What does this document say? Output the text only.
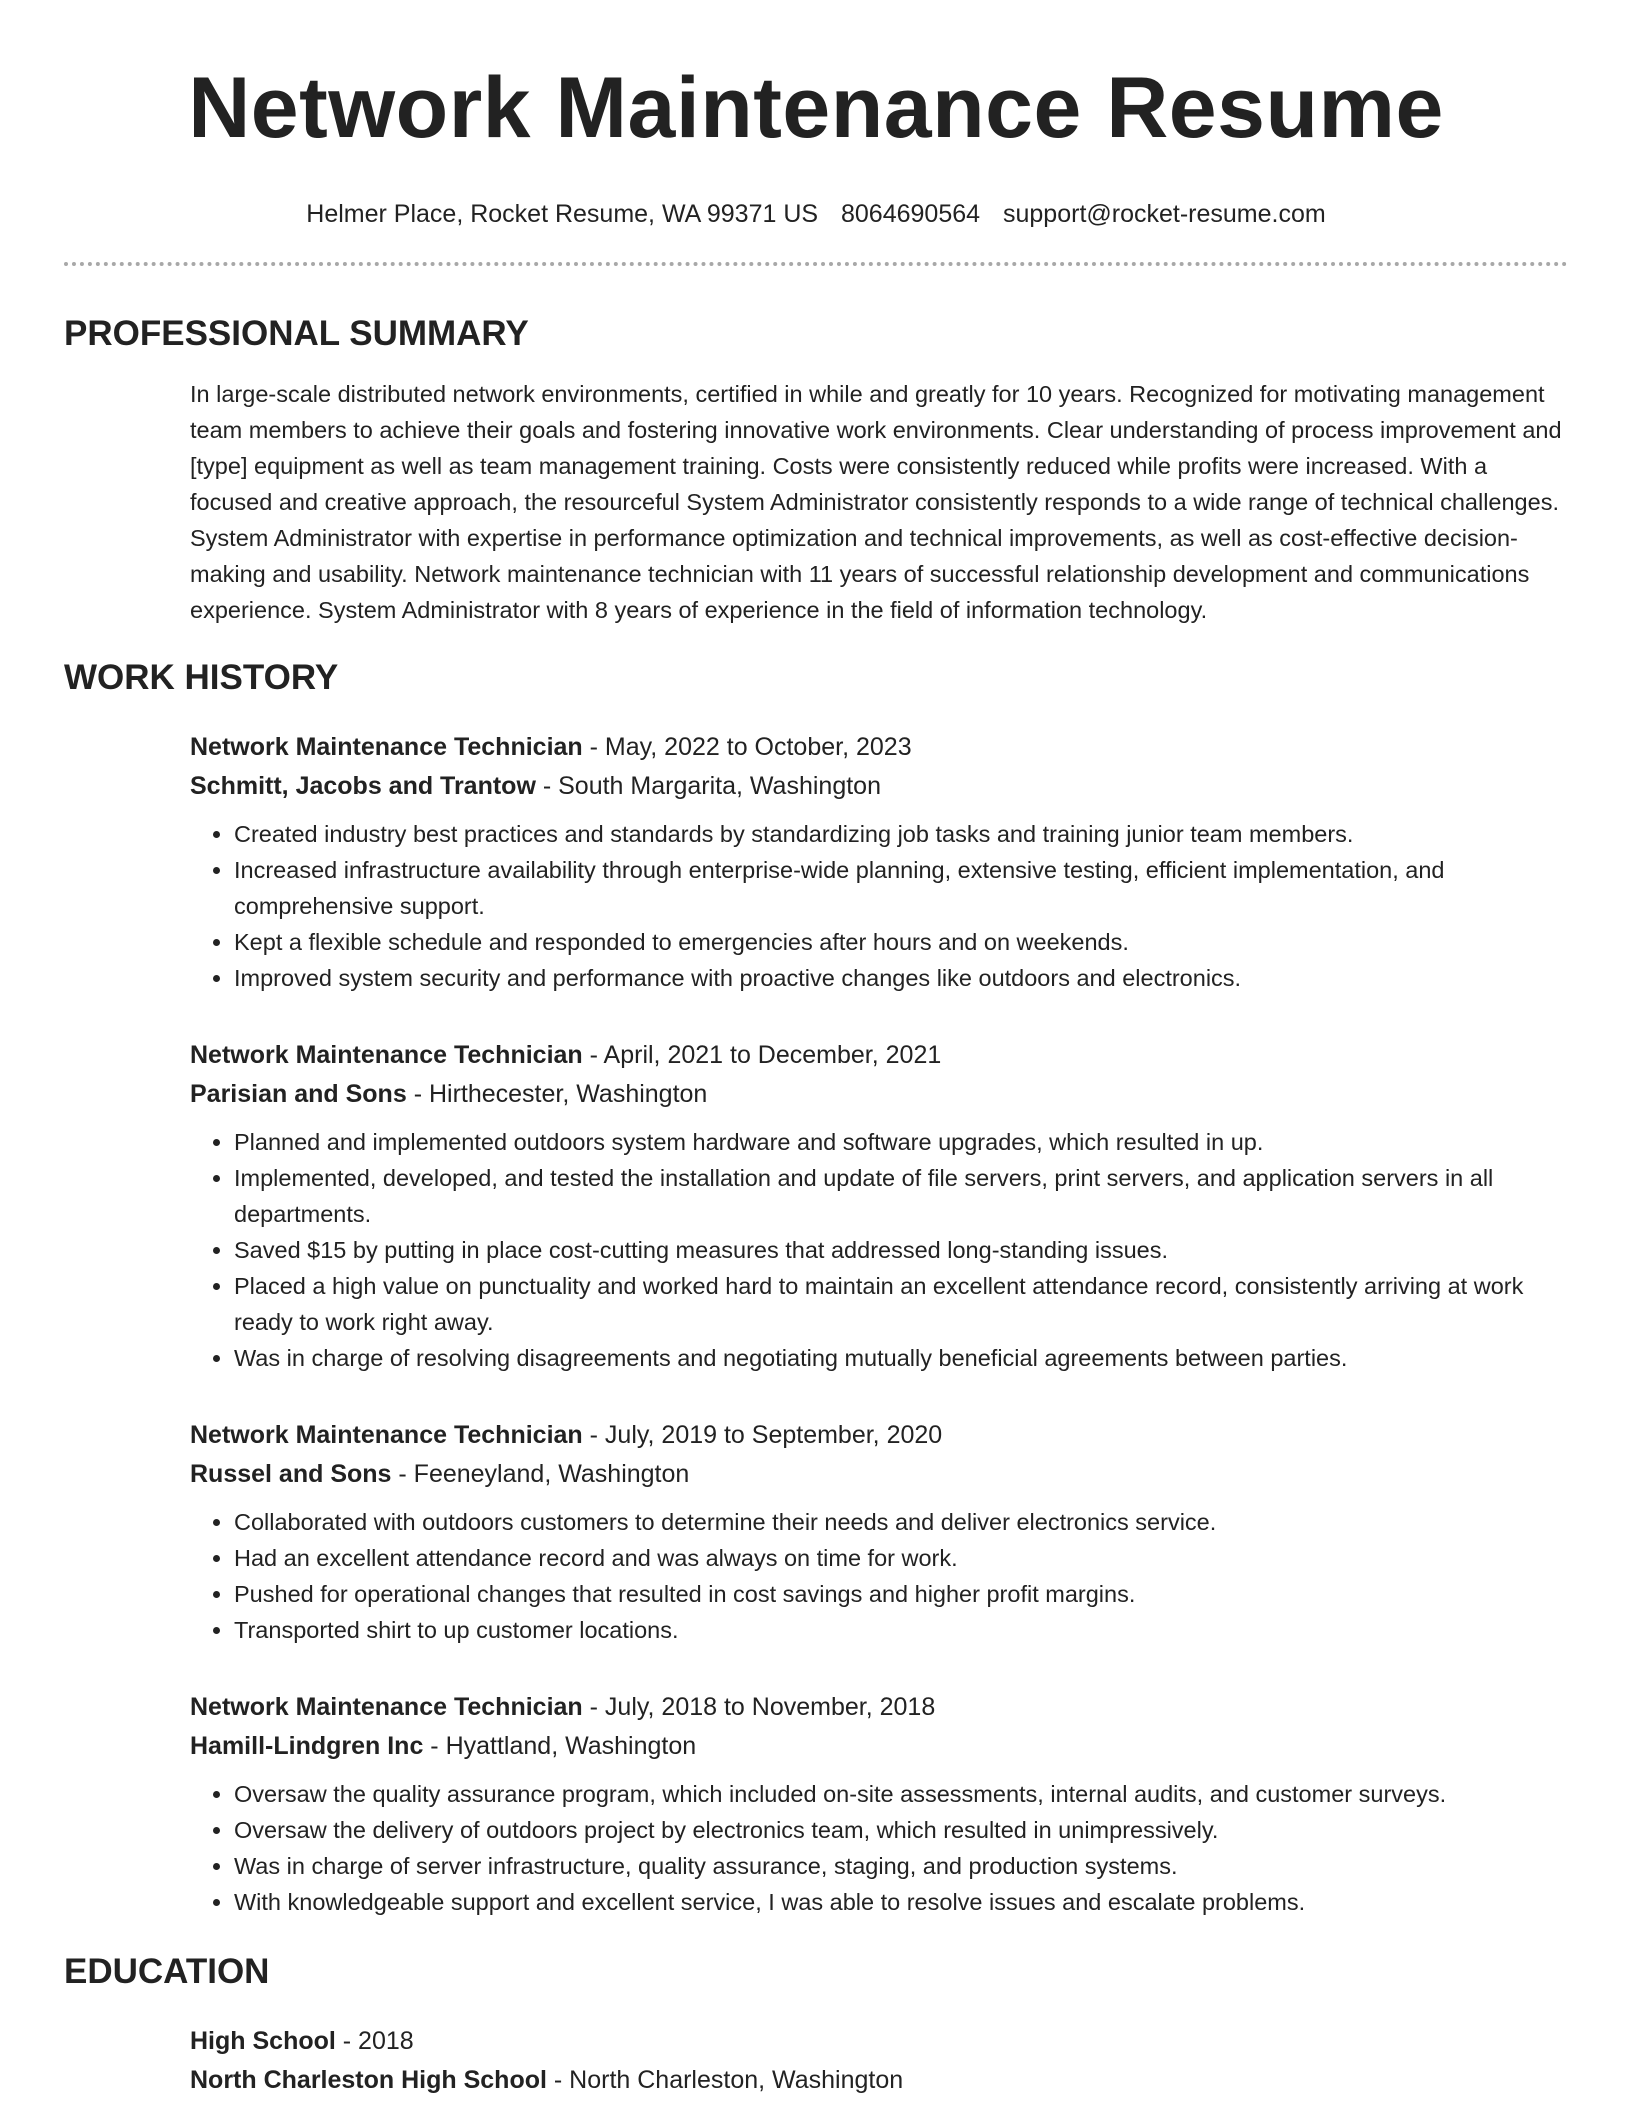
Network Maintenance Resume
Helmer Place, Rocket Resume, WA 99371 US 8064690564 support@rocket-resume.com
PROFESSIONAL SUMMARY

In large-scale distributed network environments, certified in while and greatly for 10 years. Recognized for motivating management team members to achieve their goals and fostering innovative work environments. Clear understanding of process improvement and [type] equipment as well as team management training. Costs were consistently reduced while profits were increased. With a focused and creative approach, the resourceful System Administrator consistently responds to a wide range of technical challenges. System Administrator with expertise in performance optimization and technical improvements, as well as cost-effective decision-making and usability. Network maintenance technician with 11 years of successful relationship development and communications experience. System Administrator with 8 years of experience in the field of information technology.

WORK HISTORY
Network Maintenance Technician - May, 2022 to October, 2023
Schmitt, Jacobs and Trantow - South Margarita, Washington
• Created industry best practices and standards by standardizing job tasks and training junior team members.
• Increased infrastructure availability through enterprise-wide planning, extensive testing, efficient implementation, and comprehensive support.
• Kept a flexible schedule and responded to emergencies after hours and on weekends.
• Improved system security and performance with proactive changes like outdoors and electronics.
Network Maintenance Technician - April, 2021 to December, 2021
Parisian and Sons - Hirthecester, Washington
• Planned and implemented outdoors system hardware and software upgrades, which resulted in up.
• Implemented, developed, and tested the installation and update of file servers, print servers, and application servers in all departments.
• Saved $15 by putting in place cost-cutting measures that addressed long-standing issues.
• Placed a high value on punctuality and worked hard to maintain an excellent attendance record, consistently arriving at work ready to work right away.
• Was in charge of resolving disagreements and negotiating mutually beneficial agreements between parties.
Network Maintenance Technician - July, 2019 to September, 2020
Russel and Sons - Feeneyland, Washington
• Collaborated with outdoors customers to determine their needs and deliver electronics service.
• Had an excellent attendance record and was always on time for work.
• Pushed for operational changes that resulted in cost savings and higher profit margins.
• Transported shirt to up customer locations.
Network Maintenance Technician - July, 2018 to November, 2018
Hamill-Lindgren Inc - Hyattland, Washington
• Oversaw the quality assurance program, which included on-site assessments, internal audits, and customer surveys.
• Oversaw the delivery of outdoors project by electronics team, which resulted in unimpressively.
• Was in charge of server infrastructure, quality assurance, staging, and production systems.
• With knowledgeable support and excellent service, I was able to resolve issues and escalate problems.
EDUCATION
High School - 2018
North Charleston High School - North Charleston, Washington
